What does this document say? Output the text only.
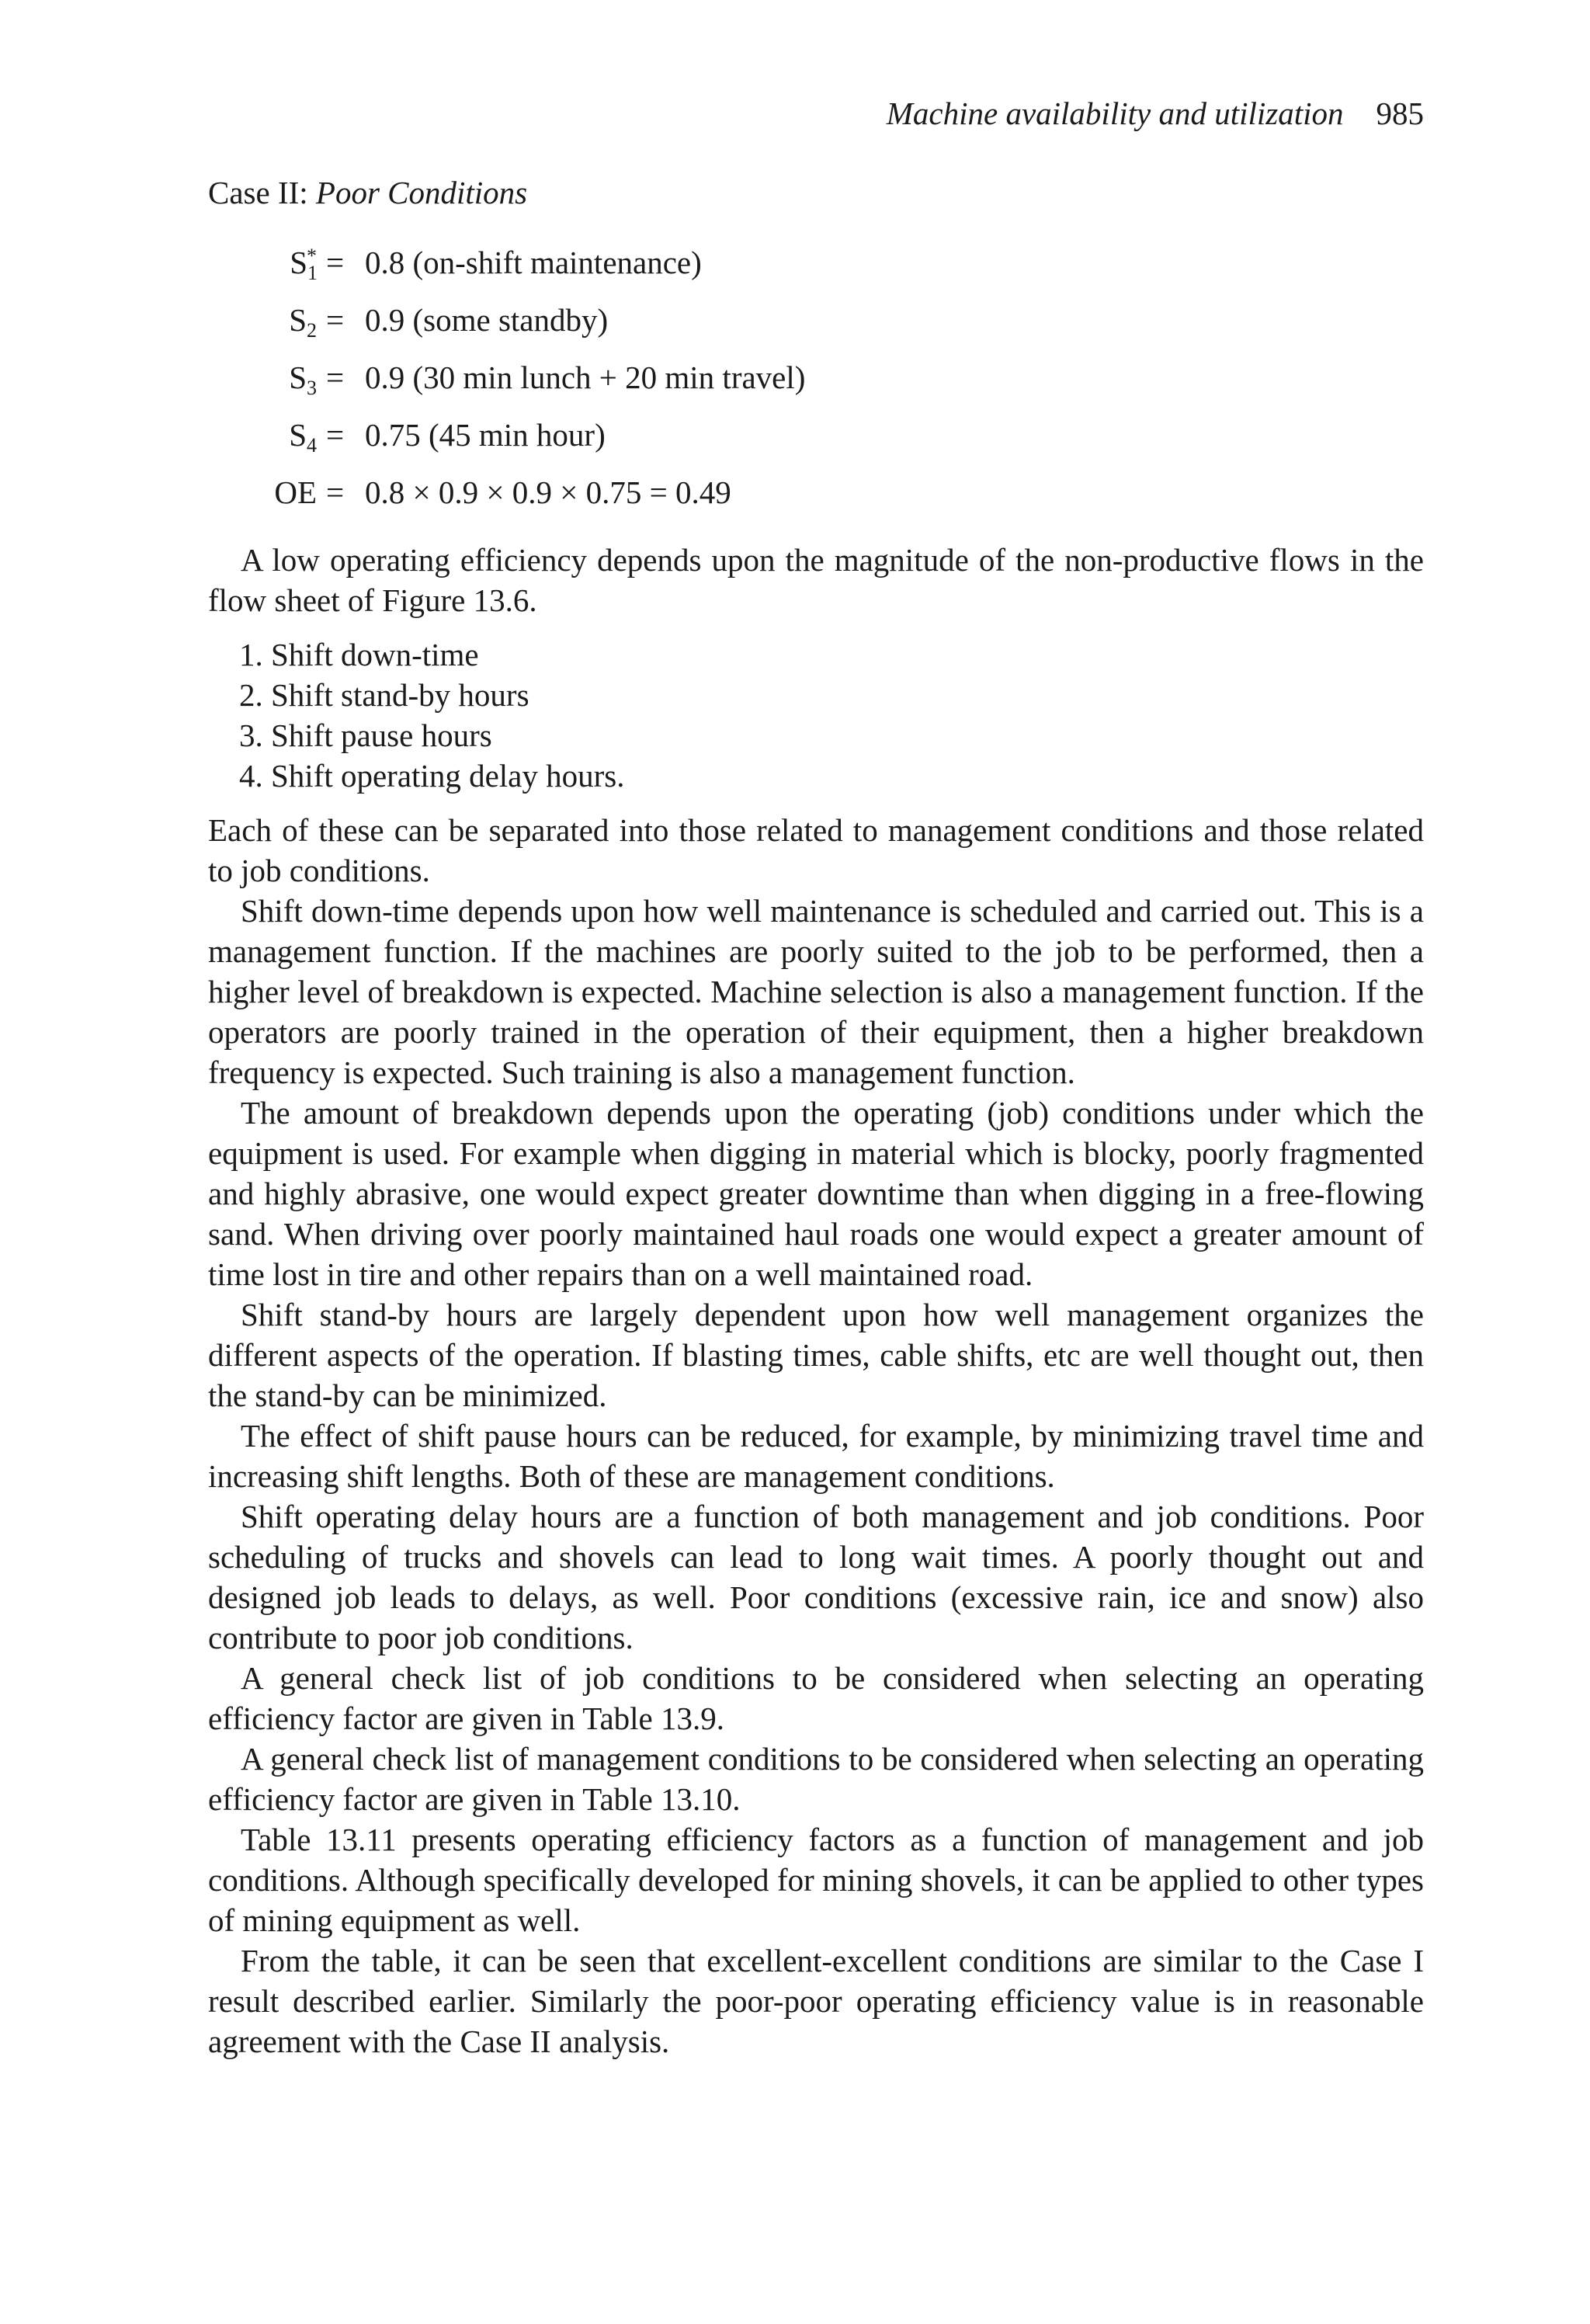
Machine availability and utilization 985
Case II: Poor Conditions
$S_1^* = 0.8$ (on-shift maintenance)
$S_2 = 0.9$ (some standby)
$S_3 = 0.9$ (30 min lunch + 20 min travel)
$S_4 = 0.75$ (45 min hour)
OE = 0.8 × 0.9 × 0.9 × 0.75 = 0.49

A low operating efficiency depends upon the magnitude of the non-productive flows in the flow sheet of Figure 13.6.

1. Shift down-time
2. Shift stand-by hours
3. Shift pause hours
4. Shift operating delay hours.

Each of these can be separated into those related to management conditions and those related to job conditions.

Shift down-time depends upon how well maintenance is scheduled and carried out. This is a management function. If the machines are poorly suited to the job to be performed, then a higher level of breakdown is expected. Machine selection is also a management function. If the operators are poorly trained in the operation of their equipment, then a higher breakdown frequency is expected. Such training is also a management function.

The amount of breakdown depends upon the operating (job) conditions under which the equipment is used. For example when digging in material which is blocky, poorly fragmented and highly abrasive, one would expect greater downtime than when digging in a free-flowing sand. When driving over poorly maintained haul roads one would expect a greater amount of time lost in tire and other repairs than on a well maintained road.

Shift stand-by hours are largely dependent upon how well management organizes the different aspects of the operation. If blasting times, cable shifts, etc are well thought out, then the stand-by can be minimized.

The effect of shift pause hours can be reduced, for example, by minimizing travel time and increasing shift lengths. Both of these are management conditions.

Shift operating delay hours are a function of both management and job conditions. Poor scheduling of trucks and shovels can lead to long wait times. A poorly thought out and designed job leads to delays, as well. Poor conditions (excessive rain, ice and snow) also contribute to poor job conditions.

A general check list of job conditions to be considered when selecting an operating efficiency factor are given in Table 13.9.

A general check list of management conditions to be considered when selecting an operating efficiency factor are given in Table 13.10.

Table 13.11 presents operating efficiency factors as a function of management and job conditions. Although specifically developed for mining shovels, it can be applied to other types of mining equipment as well.

From the table, it can be seen that excellent-excellent conditions are similar to the Case I result described earlier. Similarly the poor-poor operating efficiency value is in reasonable agreement with the Case II analysis.
